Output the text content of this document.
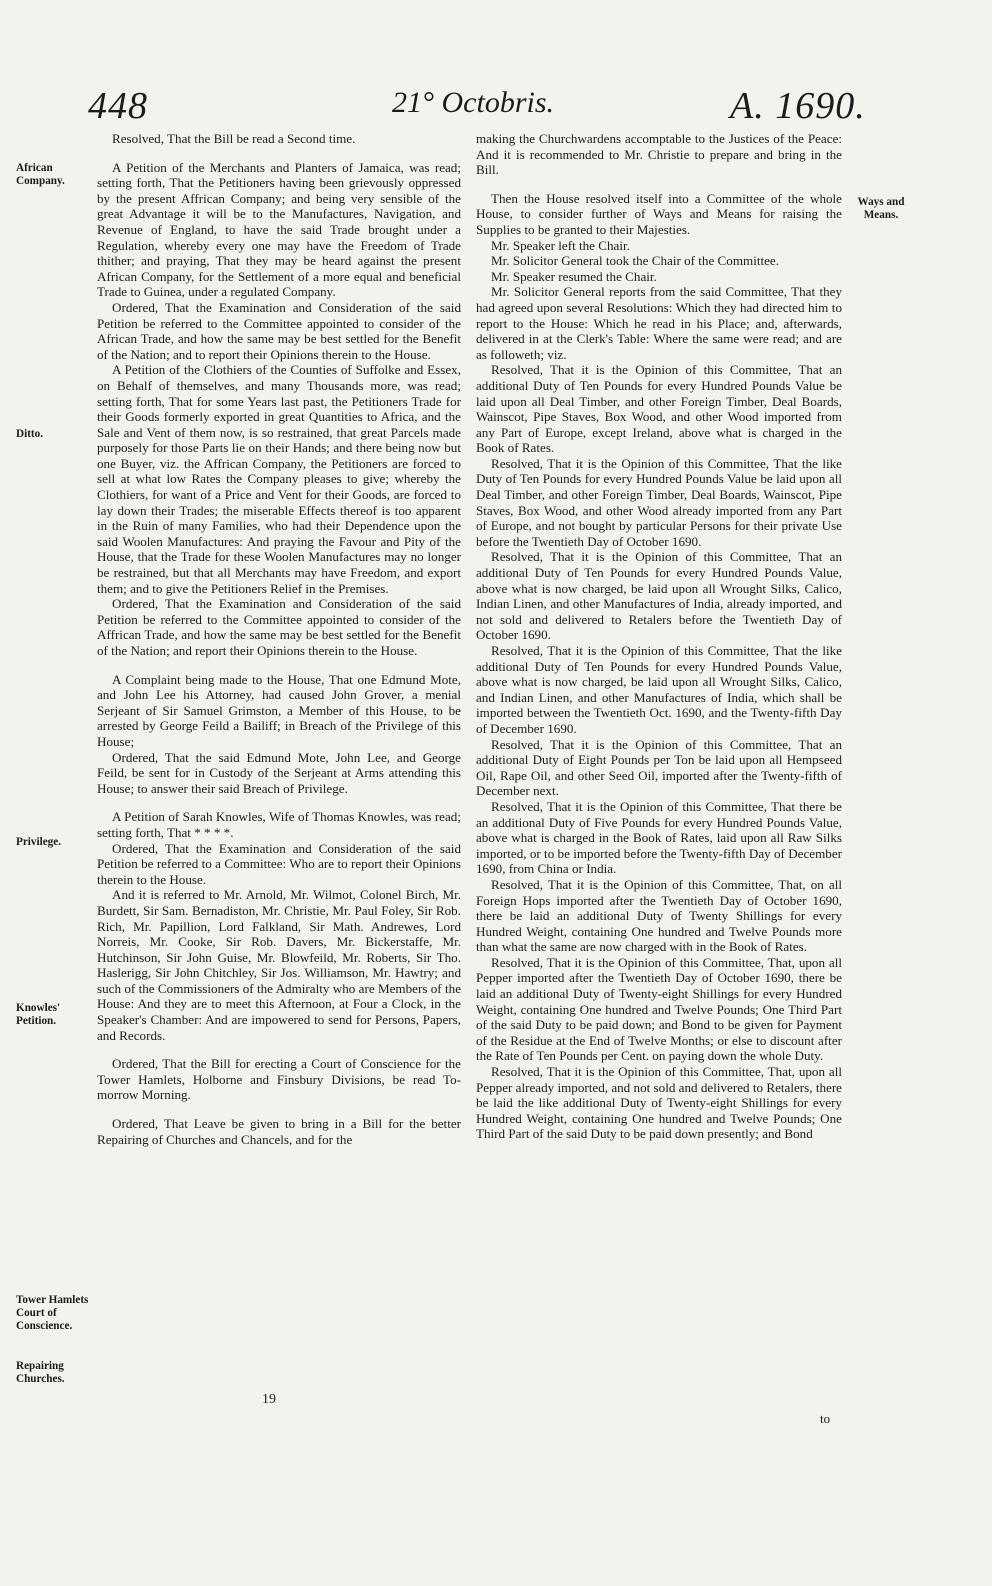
448	21° Octobris.	A. 1690.
African Company.
Ditto.
Privilege.
Knowles' Petition.
Tower Hamlets Court of Conscience.
Repairing Churches.
Ways and Means.

Resolved, That the Bill be read a Second time.

A Petition of the Merchants and Planters of Jamaica, was read; setting forth, That the Petitioners having been grievously oppressed by the present Affrican Company; and being very sensible of the great Advantage it will be to the Manufactures, Navigation, and Revenue of England, to have the said Trade brought under a Regulation, whereby every one may have the Freedom of Trade thither; and praying, That they may be heard against the present African Company, for the Settlement of a more equal and beneficial Trade to Guinea, under a regulated Company.

Ordered, That the Examination and Consideration of the said Petition be referred to the Committee appointed to consider of the African Trade, and how the same may be best settled for the Benefit of the Nation; and to report their Opinions therein to the House.

A Petition of the Clothiers of the Counties of Suffolke and Essex, on Behalf of themselves, and many Thousands more, was read; setting forth, That for some Years last past, the Petitioners Trade for their Goods formerly exported in great Quantities to Africa, and the Sale and Vent of them now, is so restrained, that great Parcels made purposely for those Parts lie on their Hands; and there being now but one Buyer, viz. the Affrican Company, the Petitioners are forced to sell at what low Rates the Company pleases to give; whereby the Clothiers, for want of a Price and Vent for their Goods, are forced to lay down their Trades; the miserable Effects thereof is too apparent in the Ruin of many Families, who had their Dependence upon the said Woolen Manufactures: And praying the Favour and Pity of the House, that the Trade for these Woolen Manufactures may no longer be restrained, but that all Merchants may have Freedom, and export them; and to give the Petitioners Relief in the Premises.

Ordered, That the Examination and Consideration of the said Petition be referred to the Committee appointed to consider of the Affrican Trade, and how the same may be best settled for the Benefit of the Nation; and report their Opinions therein to the House.

A Complaint being made to the House, That one Edmund Mote, and John Lee his Attorney, had caused John Grover, a menial Serjeant of Sir Samuel Grimston, a Member of this House, to be arrested by George Feild a Bailiff; in Breach of the Privilege of this House;

Ordered, That the said Edmund Mote, John Lee, and George Feild, be sent for in Custody of the Serjeant at Arms attending this House; to answer their said Breach of Privilege.

A Petition of Sarah Knowles, Wife of Thomas Knowles, was read; setting forth, That * * * *.

Ordered, That the Examination and Consideration of the said Petition be referred to a Committee: Who are to report their Opinions therein to the House.

And it is referred to Mr. Arnold, Mr. Wilmot, Colonel Birch, Mr. Burdett, Sir Sam. Bernadiston, Mr. Christie, Mr. Paul Foley, Sir Rob. Rich, Mr. Papillion, Lord Falkland, Sir Math. Andrewes, Lord Norreis, Mr. Cooke, Sir Rob. Davers, Mr. Bickerstaffe, Mr. Hutchinson, Sir John Guise, Mr. Blowfeild, Mr. Roberts, Sir Tho. Haslerigg, Sir John Chitchley, Sir Jos. Williamson, Mr. Hawtry; and such of the Commissioners of the Admiralty who are Members of the House: And they are to meet this Afternoon, at Four a Clock, in the Speaker's Chamber: And are impowered to send for Persons, Papers, and Records.

Ordered, That the Bill for erecting a Court of Conscience for the Tower Hamlets, Holborne and Finsbury Divisions, be read To-morrow Morning.

Ordered, That Leave be given to bring in a Bill for the better Repairing of Churches and Chancels, and for the

making the Churchwardens accomptable to the Justices of the Peace: And it is recommended to Mr. Christie to prepare and bring in the Bill.

Then the House resolved itself into a Committee of the whole House, to consider further of Ways and Means for raising the Supplies to be granted to their Majesties.

Mr. Speaker left the Chair.

Mr. Solicitor General took the Chair of the Committee.

Mr. Speaker resumed the Chair.

Mr. Solicitor General reports from the said Committee, That they had agreed upon several Resolutions: Which they had directed him to report to the House: Which he read in his Place; and, afterwards, delivered in at the Clerk's Table: Where the same were read; and are as followeth; viz.

Resolved, That it is the Opinion of this Committee, That an additional Duty of Ten Pounds for every Hundred Pounds Value be laid upon all Deal Timber, and other Foreign Timber, Deal Boards, Wainscot, Pipe Staves, Box Wood, and other Wood imported from any Part of Europe, except Ireland, above what is charged in the Book of Rates.

Resolved, That it is the Opinion of this Committee, That the like Duty of Ten Pounds for every Hundred Pounds Value be laid upon all Deal Timber, and other Foreign Timber, Deal Boards, Wainscot, Pipe Staves, Box Wood, and other Wood already imported from any Part of Europe, and not bought by particular Persons for their private Use before the Twentieth Day of October 1690.

Resolved, That it is the Opinion of this Committee, That an additional Duty of Ten Pounds for every Hundred Pounds Value, above what is now charged, be laid upon all Wrought Silks, Calico, Indian Linen, and other Manufactures of India, already imported, and not sold and delivered to Retalers before the Twentieth Day of October 1690.

Resolved, That it is the Opinion of this Committee, That the like additional Duty of Ten Pounds for every Hundred Pounds Value, above what is now charged, be laid upon all Wrought Silks, Calico, and Indian Linen, and other Manufactures of India, which shall be imported between the Twentieth Oct. 1690, and the Twenty-fifth Day of December 1690.

Resolved, That it is the Opinion of this Committee, That an additional Duty of Eight Pounds per Ton be laid upon all Hempseed Oil, Rape Oil, and other Seed Oil, imported after the Twenty-fifth of December next.

Resolved, That it is the Opinion of this Committee, That there be an additional Duty of Five Pounds for every Hundred Pounds Value, above what is charged in the Book of Rates, laid upon all Raw Silks imported, or to be imported before the Twenty-fifth Day of December 1690, from China or India.

Resolved, That it is the Opinion of this Committee, That, on all Foreign Hops imported after the Twentieth Day of October 1690, there be laid an additional Duty of Twenty Shillings for every Hundred Weight, containing One hundred and Twelve Pounds more than what the same are now charged with in the Book of Rates.

Resolved, That it is the Opinion of this Committee, That, upon all Pepper imported after the Twentieth Day of October 1690, there be laid an additional Duty of Twenty-eight Shillings for every Hundred Weight, containing One hundred and Twelve Pounds; One Third Part of the said Duty to be paid down; and Bond to be given for Payment of the Residue at the End of Twelve Months; or else to discount after the Rate of Ten Pounds per Cent. on paying down the whole Duty.

Resolved, That it is the Opinion of this Committee, That, upon all Pepper already imported, and not sold and delivered to Retalers, there be laid the like additional Duty of Twenty-eight Shillings for every Hundred Weight, containing One hundred and Twelve Pounds; One Third Part of the said Duty to be paid down presently; and Bond

19
to
